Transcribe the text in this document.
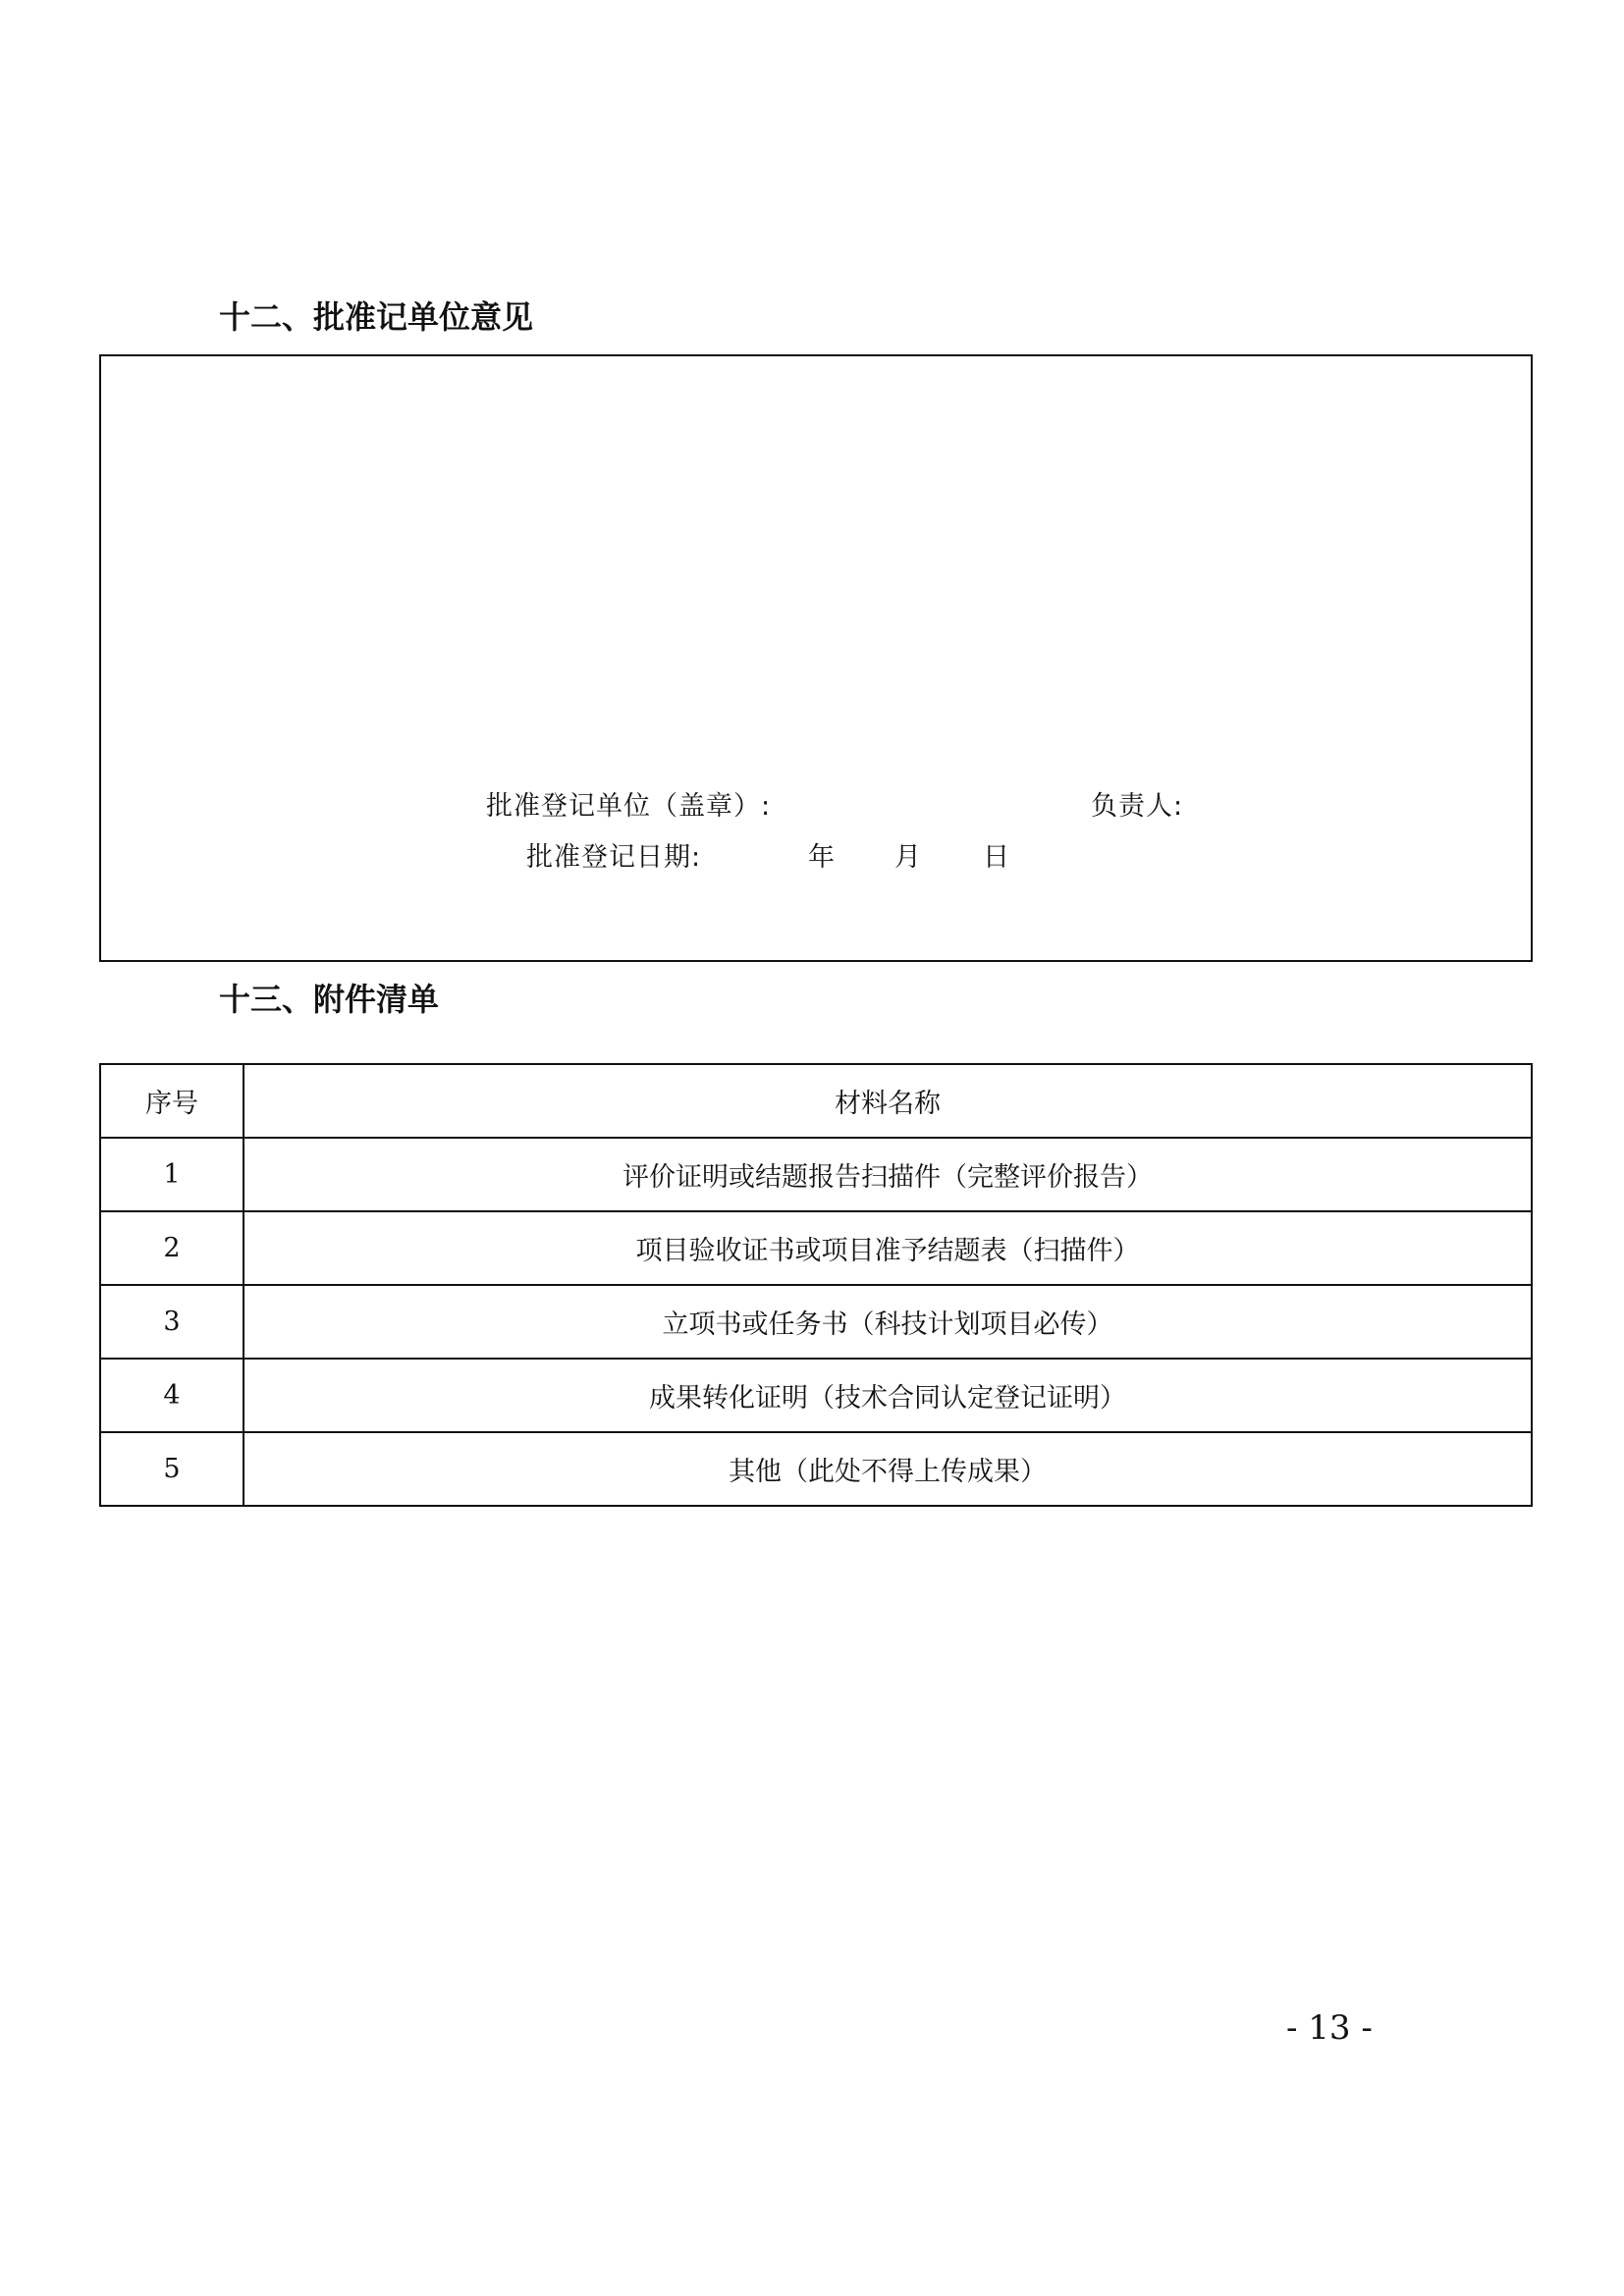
十二、批准记单位意见
批准登记单位（盖章）:	负责人:
批准登记日期:	年 月 日
十三、附件清单
序号	材料名称
1	评价证明或结题报告扫描件（完整评价报告）
2	项目验收证书或项目准予结题表（扫描件）
3	立项书或任务书（科技计划项目必传）
4	成果转化证明（技术合同认定登记证明）
5	其他（此处不得上传成果）
- 13 -
